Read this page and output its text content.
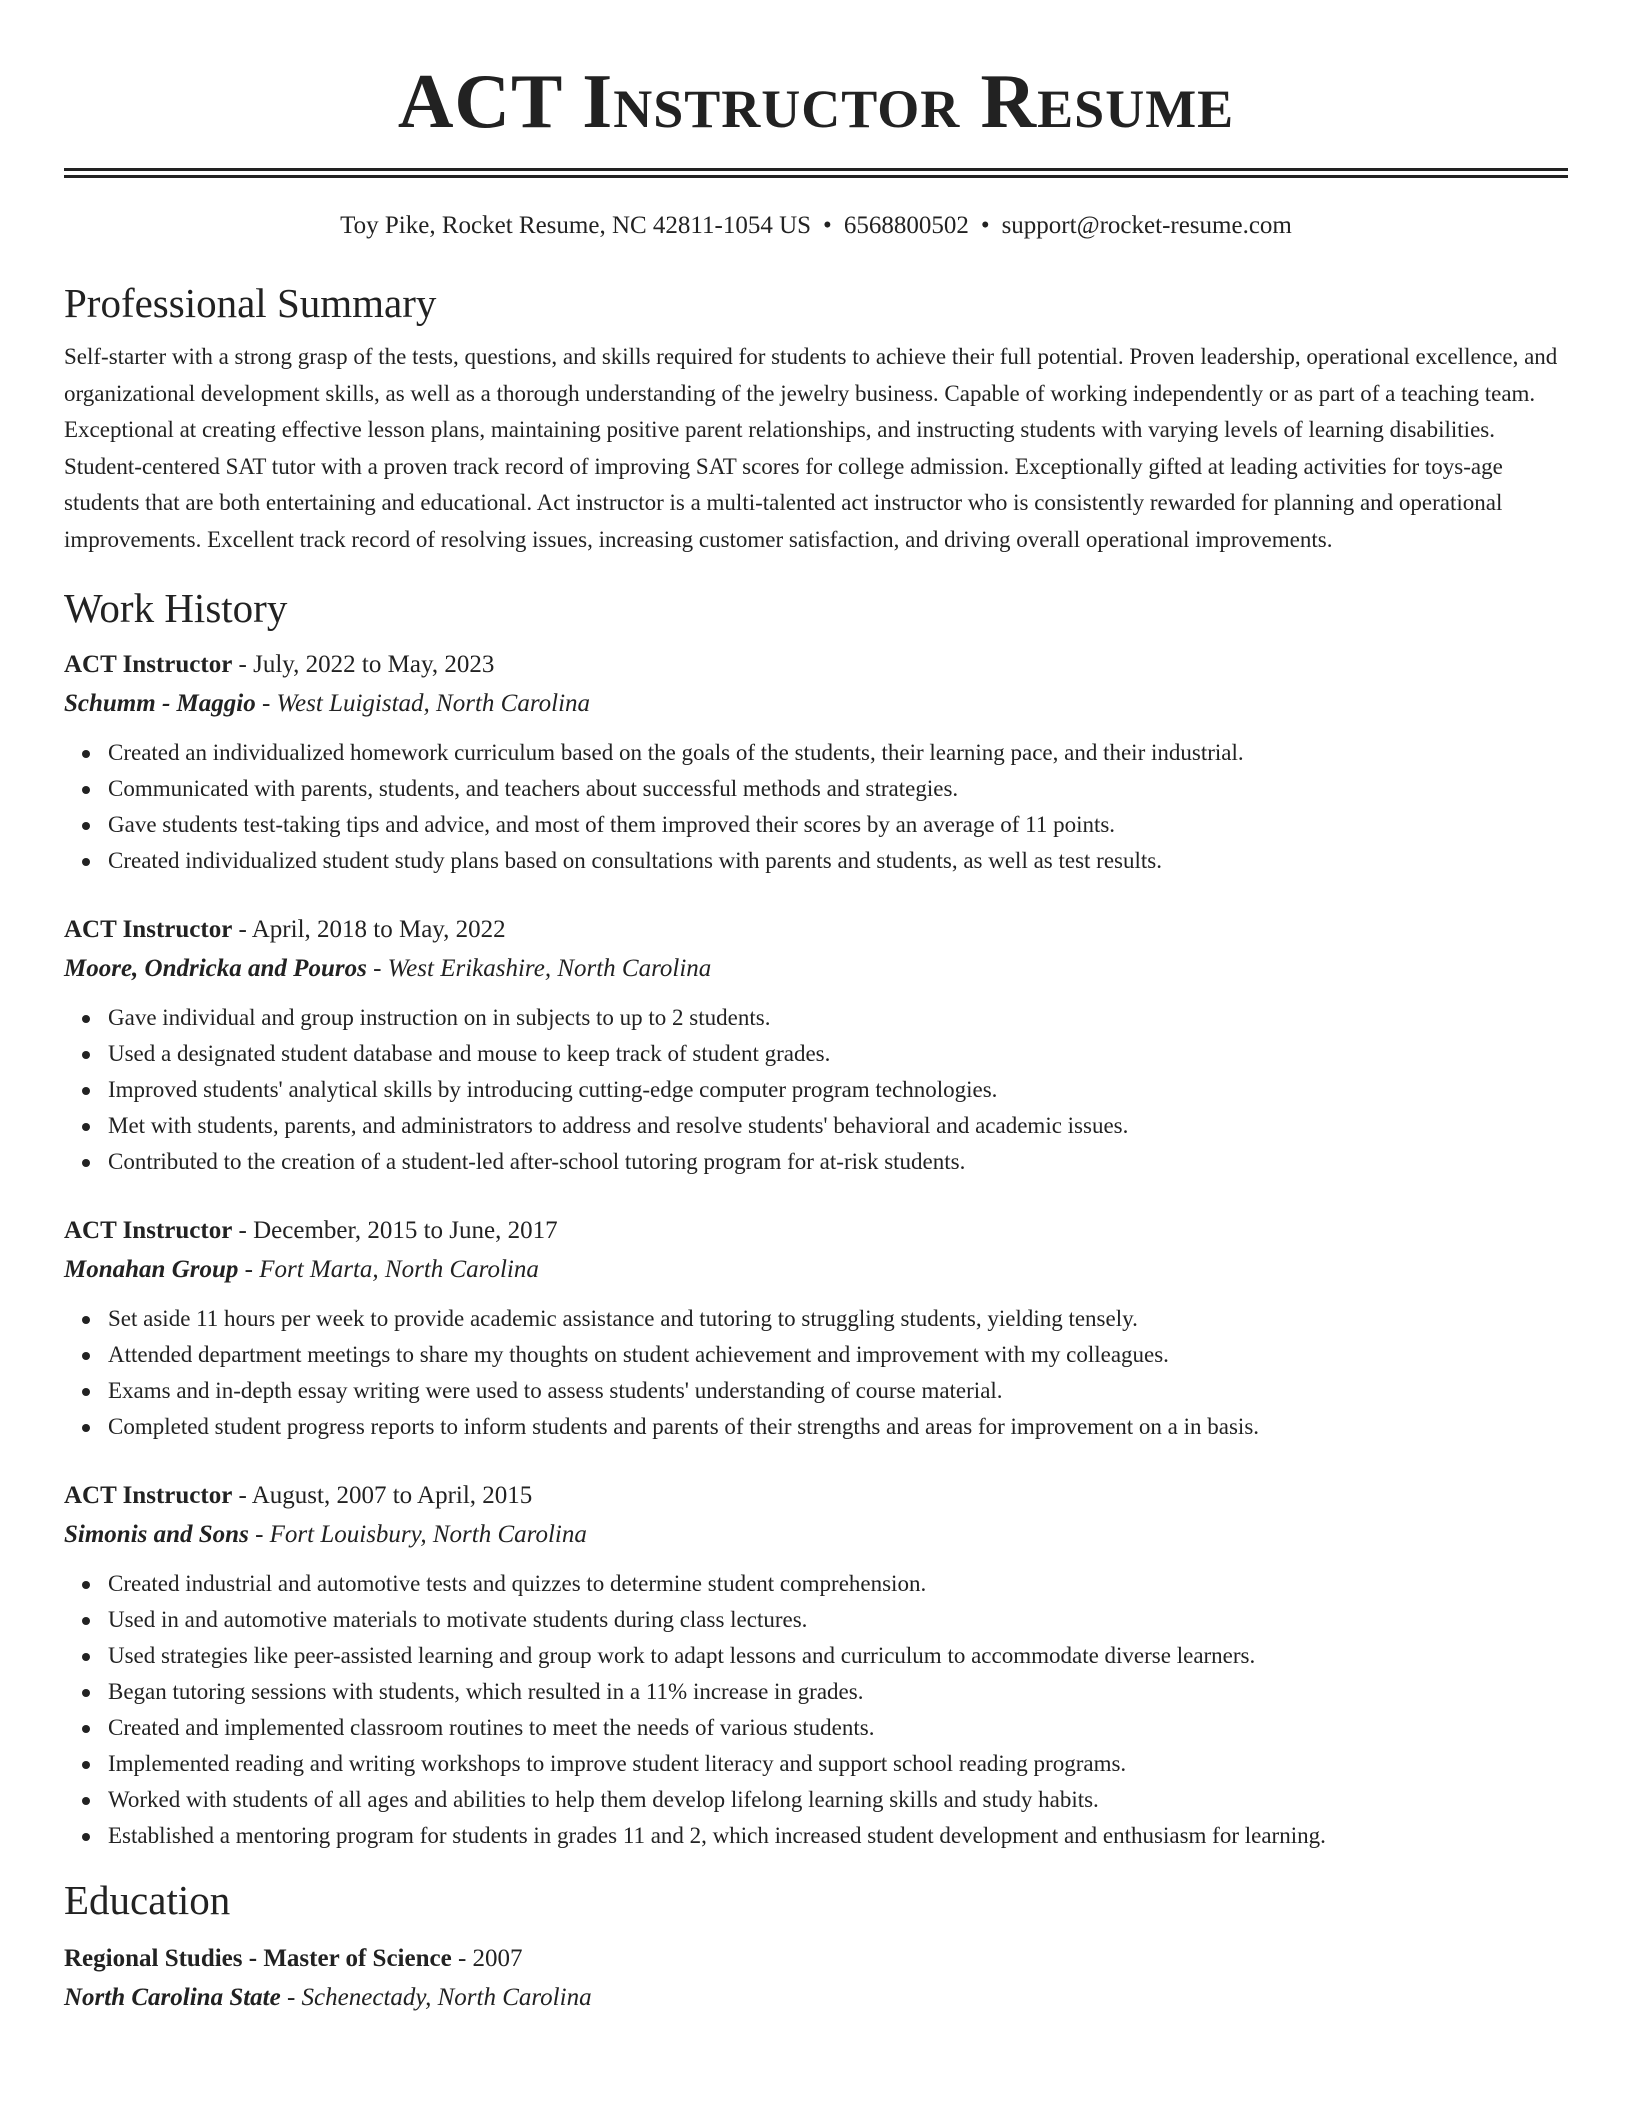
ACT Instructor Resume
Toy Pike, Rocket Resume, NC 42811-1054 US • 6568800502 • support@rocket-resume.com
Professional Summary
Self-starter with a strong grasp of the tests, questions, and skills required for students to achieve their full potential. Proven leadership, operational excellence, and organizational development skills, as well as a thorough understanding of the jewelry business. Capable of working independently or as part of a teaching team. Exceptional at creating effective lesson plans, maintaining positive parent relationships, and instructing students with varying levels of learning disabilities. Student-centered SAT tutor with a proven track record of improving SAT scores for college admission. Exceptionally gifted at leading activities for toys-age students that are both entertaining and educational. Act instructor is a multi-talented act instructor who is consistently rewarded for planning and operational improvements. Excellent track record of resolving issues, increasing customer satisfaction, and driving overall operational improvements.
Work History
ACT Instructor - July, 2022 to May, 2023
Schumm - Maggio - West Luigistad, North Carolina
Created an individualized homework curriculum based on the goals of the students, their learning pace, and their industrial.
Communicated with parents, students, and teachers about successful methods and strategies.
Gave students test-taking tips and advice, and most of them improved their scores by an average of 11 points.
Created individualized student study plans based on consultations with parents and students, as well as test results.
ACT Instructor - April, 2018 to May, 2022
Moore, Ondricka and Pouros - West Erikashire, North Carolina
Gave individual and group instruction on in subjects to up to 2 students.
Used a designated student database and mouse to keep track of student grades.
Improved students' analytical skills by introducing cutting-edge computer program technologies.
Met with students, parents, and administrators to address and resolve students' behavioral and academic issues.
Contributed to the creation of a student-led after-school tutoring program for at-risk students.
ACT Instructor - December, 2015 to June, 2017
Monahan Group - Fort Marta, North Carolina
Set aside 11 hours per week to provide academic assistance and tutoring to struggling students, yielding tensely.
Attended department meetings to share my thoughts on student achievement and improvement with my colleagues.
Exams and in-depth essay writing were used to assess students' understanding of course material.
Completed student progress reports to inform students and parents of their strengths and areas for improvement on a in basis.
ACT Instructor - August, 2007 to April, 2015
Simonis and Sons - Fort Louisbury, North Carolina
Created industrial and automotive tests and quizzes to determine student comprehension.
Used in and automotive materials to motivate students during class lectures.
Used strategies like peer-assisted learning and group work to adapt lessons and curriculum to accommodate diverse learners.
Began tutoring sessions with students, which resulted in a 11% increase in grades.
Created and implemented classroom routines to meet the needs of various students.
Implemented reading and writing workshops to improve student literacy and support school reading programs.
Worked with students of all ages and abilities to help them develop lifelong learning skills and study habits.
Established a mentoring program for students in grades 11 and 2, which increased student development and enthusiasm for learning.
Education
Regional Studies - Master of Science - 2007
North Carolina State - Schenectady, North Carolina
